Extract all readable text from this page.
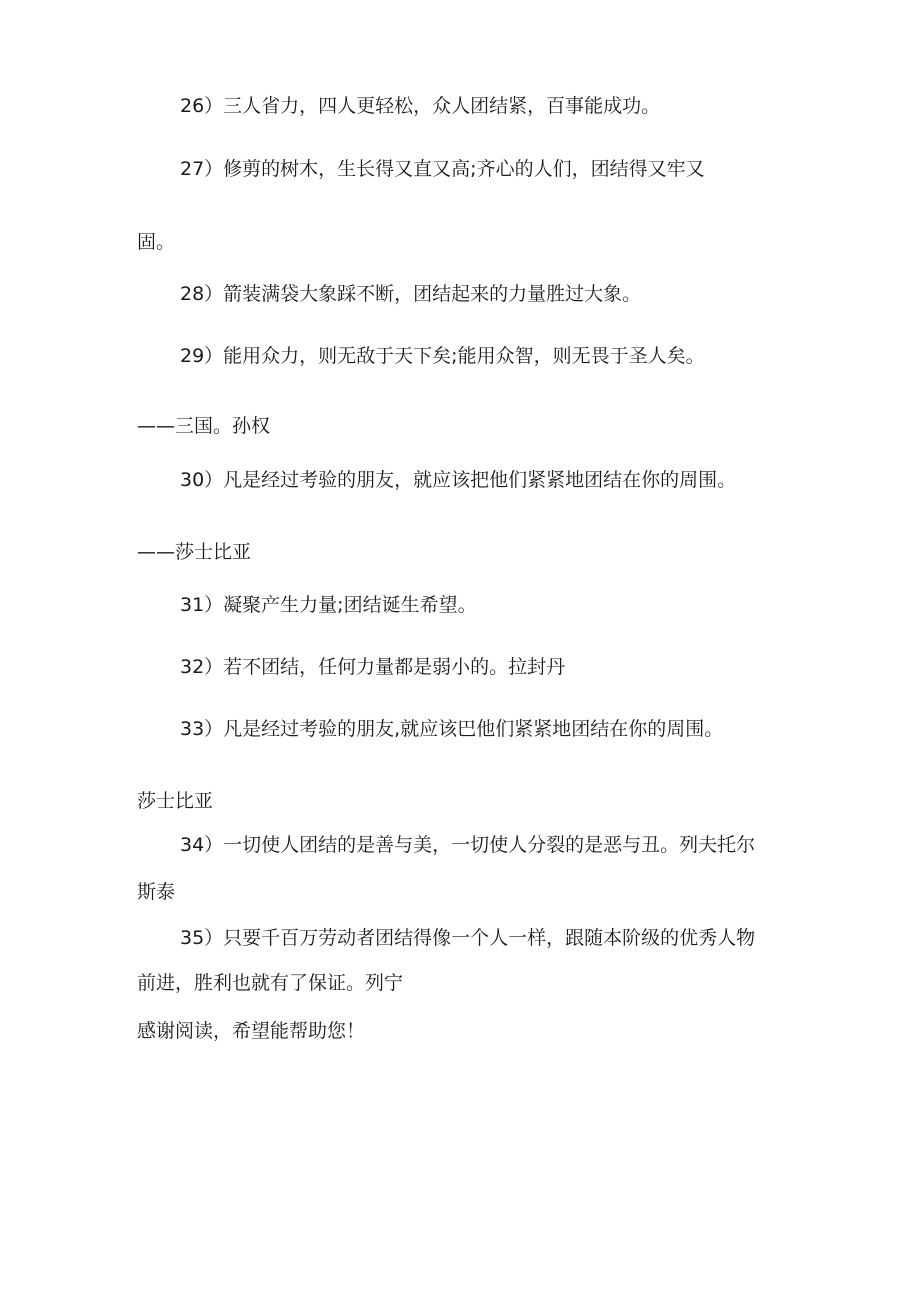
26）三人省力，四人更轻松，众人团结紧，百事能成功。
27）修剪的树木，生长得又直又高;齐心的人们，团结得又牢又
固。
28）箭装满袋大象踩不断，团结起来的力量胜过大象。
29）能用众力，则无敌于天下矣;能用众智，则无畏于圣人矣。
——三国。孙权
30）凡是经过考验的朋友，就应该把他们紧紧地团结在你的周围。
——莎士比亚
31）凝聚产生力量;团结诞生希望。
32）若不团结，任何力量都是弱小的。拉封丹
33）凡是经过考验的朋友,就应该巴他们紧紧地团结在你的周围。
莎士比亚
34）一切使人团结的是善与美，一切使人分裂的是恶与丑。列夫托尔
斯泰
35）只要千百万劳动者团结得像一个人一样，跟随本阶级的优秀人物
前进，胜利也就有了保证。列宁
感谢阅读，希望能帮助您！
